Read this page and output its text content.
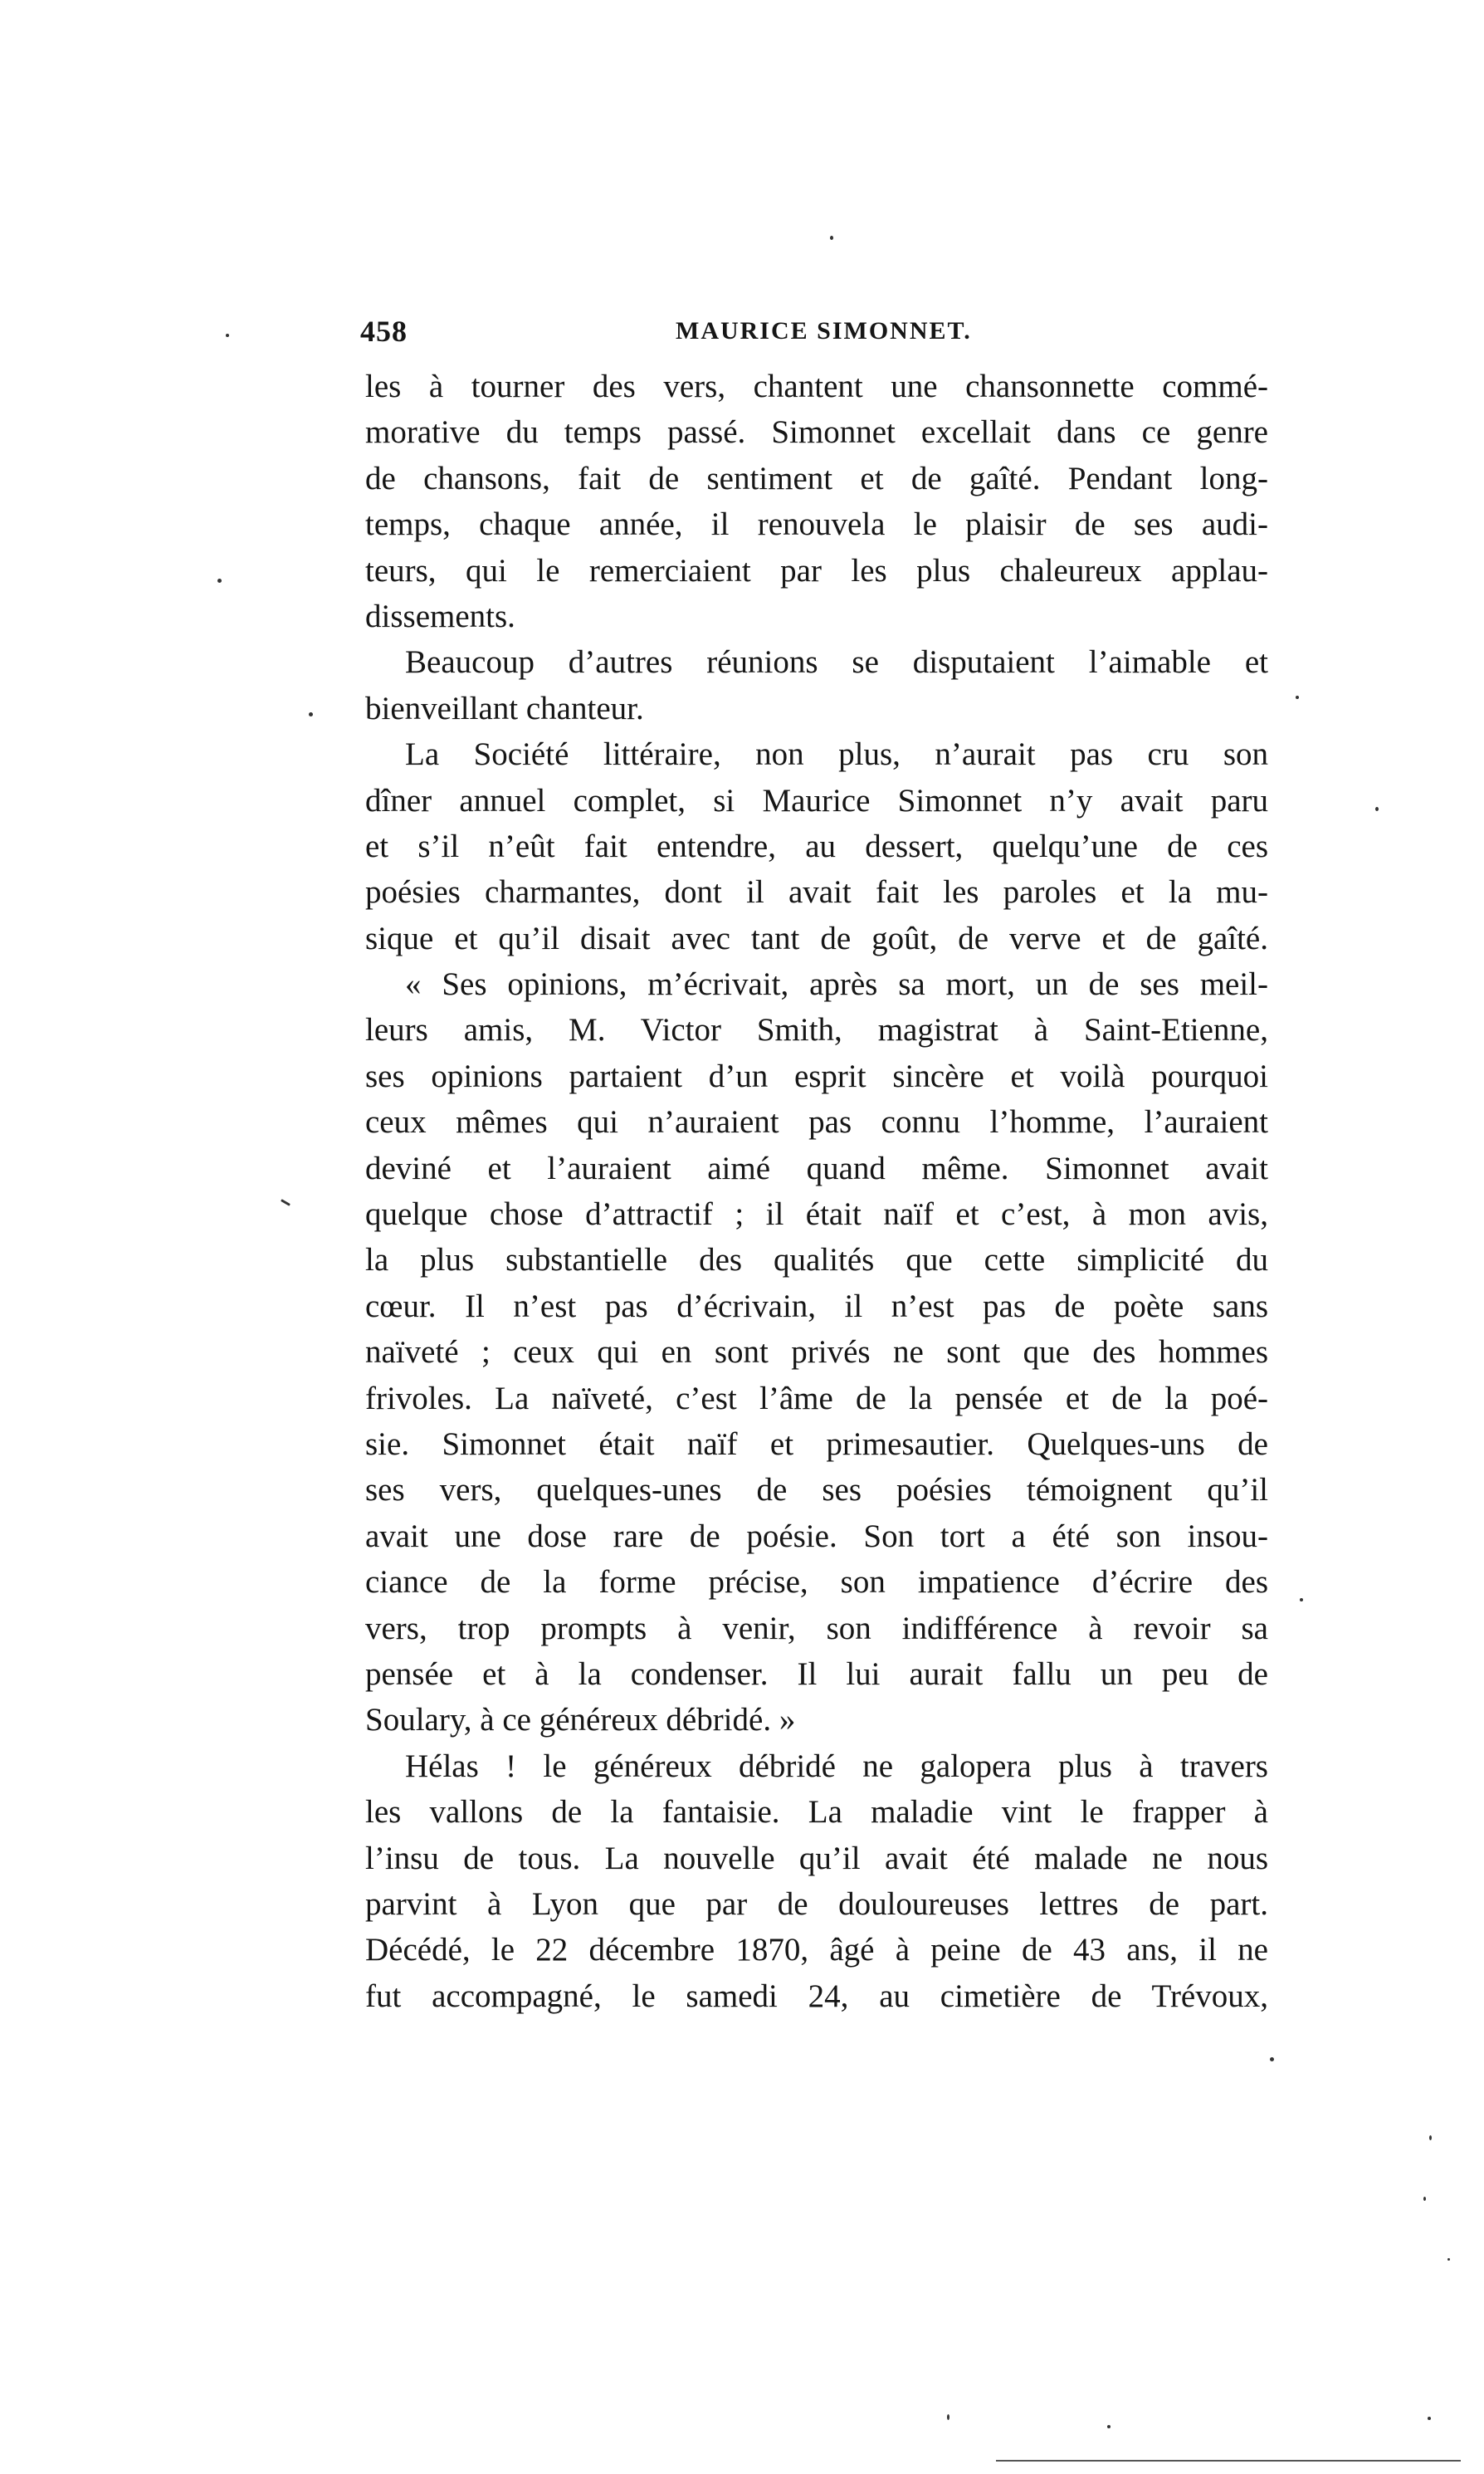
458	MAURICE SIMONNET.
les à tourner des vers, chantent une chansonnette commé-
morative du temps passé. Simonnet excellait dans ce genre
de chansons, fait de sentiment et de gaîté. Pendant long-
temps, chaque année, il renouvela le plaisir de ses audi-
teurs, qui le remerciaient par les plus chaleureux applau-
dissements.
Beaucoup d’autres réunions se disputaient l’aimable et
bienveillant chanteur.
La Société littéraire, non plus, n’aurait pas cru son
dîner annuel complet, si Maurice Simonnet n’y avait paru
et s’il n’eût fait entendre, au dessert, quelqu’une de ces
poésies charmantes, dont il avait fait les paroles et la mu-
sique et qu’il disait avec tant de goût, de verve et de gaîté.
« Ses opinions, m’écrivait, après sa mort, un de ses meil-
leurs amis, M. Victor Smith, magistrat à Saint-Etienne,
ses opinions partaient d’un esprit sincère et voilà pourquoi
ceux mêmes qui n’auraient pas connu l’homme, l’auraient
deviné et l’auraient aimé quand même. Simonnet avait
quelque chose d’attractif ; il était naïf et c’est, à mon avis,
la plus substantielle des qualités que cette simplicité du
cœur. Il n’est pas d’écrivain, il n’est pas de poète sans
naïveté ; ceux qui en sont privés ne sont que des hommes
frivoles. La naïveté, c’est l’âme de la pensée et de la poé-
sie. Simonnet était naïf et primesautier. Quelques-uns de
ses vers, quelques-unes de ses poésies témoignent qu’il
avait une dose rare de poésie. Son tort a été son insou-
ciance de la forme précise, son impatience d’écrire des
vers, trop prompts à venir, son indifférence à revoir sa
pensée et à la condenser. Il lui aurait fallu un peu de
Soulary, à ce généreux débridé. »
Hélas ! le généreux débridé ne galopera plus à travers
les vallons de la fantaisie. La maladie vint le frapper à
l’insu de tous. La nouvelle qu’il avait été malade ne nous
parvint à Lyon que par de douloureuses lettres de part.
Décédé, le 22 décembre 1870, âgé à peine de 43 ans, il ne
fut accompagné, le samedi 24, au cimetière de Trévoux,
